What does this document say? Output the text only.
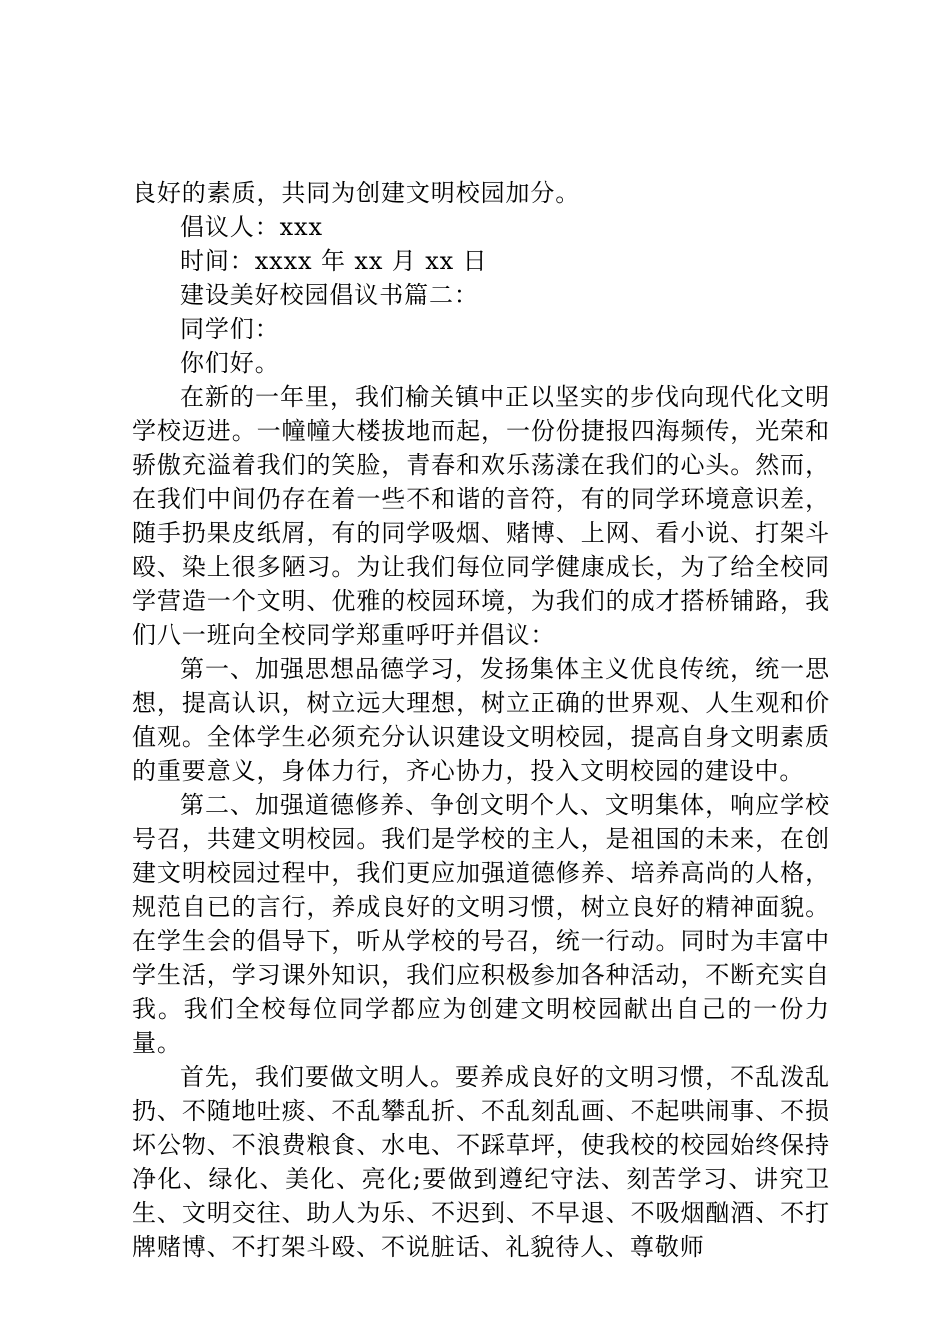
良好的素质，共同为创建文明校园加分。
倡议人：xxx
时间：xxxx 年 xx 月 xx 日
建设美好校园倡议书篇二：
同学们：
你们好。

在新的一年里，我们榆关镇中正以坚实的步伐向现代化文明学校迈进。一幢幢大楼拔地而起，一份份捷报四海频传，光荣和骄傲充溢着我们的笑脸，青春和欢乐荡漾在我们的心头。然而，在我们中间仍存在着一些不和谐的音符，有的同学环境意识差，随手扔果皮纸屑，有的同学吸烟、赌博、上网、看小说、打架斗殴、染上很多陋习。为让我们每位同学健康成长，为了给全校同学营造一个文明、优雅的校园环境，为我们的成才搭桥铺路，我们八一班向全校同学郑重呼吁并倡议：

第一、加强思想品德学习，发扬集体主义优良传统，统一思想，提高认识，树立远大理想，树立正确的世界观、人生观和价值观。全体学生必须充分认识建设文明校园，提高自身文明素质的重要意义，身体力行，齐心协力，投入文明校园的建设中。

第二、加强道德修养、争创文明个人、文明集体，响应学校号召，共建文明校园。我们是学校的主人，是祖国的未来，在创建文明校园过程中，我们更应加强道德修养、培养高尚的人格，规范自已的言行，养成良好的文明习惯，树立良好的精神面貌。在学生会的倡导下，听从学校的号召，统一行动。同时为丰富中学生活，学习课外知识，我们应积极参加各种活动，不断充实自我。我们全校每位同学都应为创建文明校园献出自己的一份力量。

首先，我们要做文明人。要养成良好的文明习惯，不乱泼乱扔、不随地吐痰、不乱攀乱折、不乱刻乱画、不起哄闹事、不损坏公物、不浪费粮食、水电、不踩草坪，使我校的校园始终保持净化、绿化、美化、亮化;要做到遵纪守法、刻苦学习、讲究卫生、文明交往、助人为乐、不迟到、不早退、不吸烟酗酒、不打牌赌博、不打架斗殴、不说脏话、礼貌待人、尊敬师
